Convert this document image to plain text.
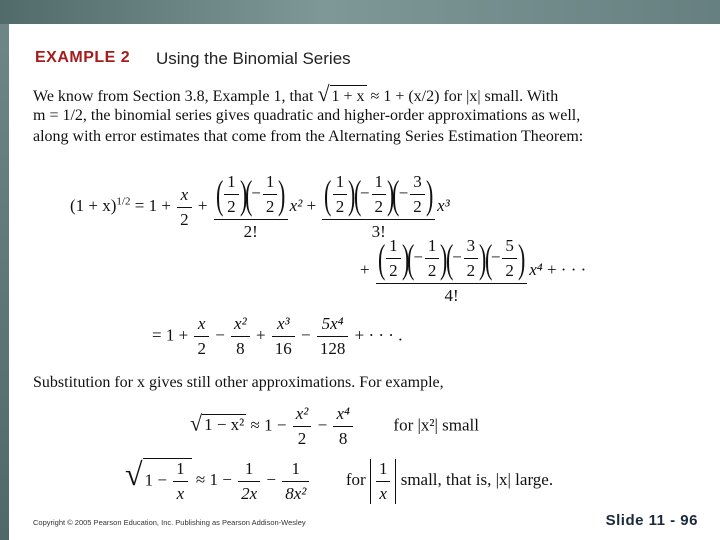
EXAMPLE 2 Using the Binomial Series
We know from Section 3.8, Example 1, that √ 1 + x ≈ 1 + (x/2) for |x| small. With
m = 1/2, the binomial series gives quadratic and higher-order approximations as well,
along with error estimates that come from the Alternating Series Estimation Theorem:
$(1 + x)^{1/2} = 1 + \frac{x}{2} + \frac{( \frac{1}{2} )(- \frac{1}{2} )}{2!} x^2 + \frac{( \frac{1}{2} )(- \frac{1}{2} )(- \frac{3}{2} )}{3!} x^3$
+ $\frac{( \frac{1}{2} )(- \frac{1}{2} )(- \frac{3}{2} )(- \frac{5}{2} )}{4!} x^4$ + · · ·
= $1 + \frac{x}{2} - \frac{\text{x²}}{8} + \frac{\text{x³}}{16} - \frac{\text{5x⁴}}{128}$ + · · · .
Substitution for x gives still other approximations. For example,
√ $1 - x^2 \approx 1 - \frac{\text{x²}}{2} - \frac{\text{x⁴}}{8}$ for |x²| small
√ $1 - \frac{1}{x} \approx 1 - \frac{1}{2x} - \frac{1}{\text{8x²}}$ for $\frac{1}{x}$ small, that is, |x| large.
Copyright © 2005 Pearson Education, Inc. Publishing as Pearson Addison-Wesley	Slide 11 - 96
